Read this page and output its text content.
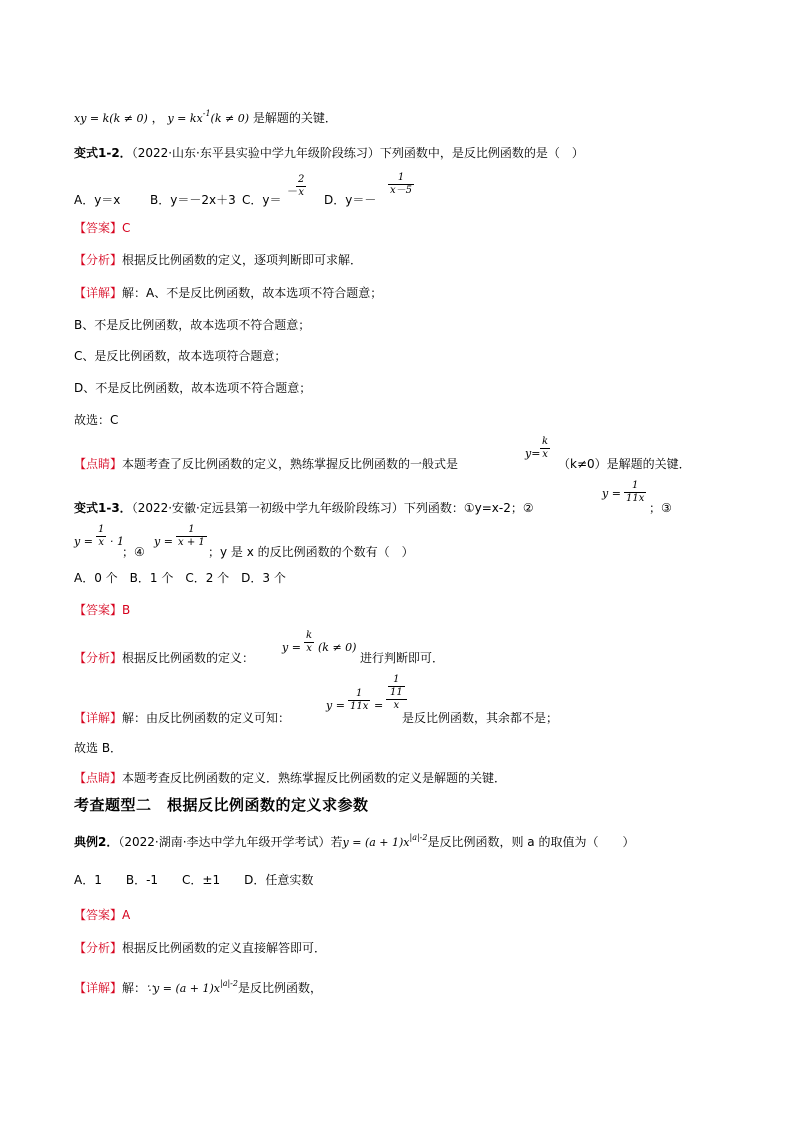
xy = k(k ≠ 0) ， $y = kx^{-1}(k \ne 0)$ 是解题的关键．
变式1-2．（2022·山东·东平县实验中学九年级阶段练习）下列函数中，是反比例函数的是（　）
A．y＝x B．y＝－2x＋3 C．y＝
－ $\frac{2}{x}$
D．y＝－
$\frac{1}{x-5}$
【答案】C
【分析】根据反比例函数的定义，逐项判断即可求解．
【详解】解：A、不是反比例函数，故本选项不符合题意；
B、不是反比例函数，故本选项不符合题意；
C、是反比例函数，故本选项符合题意；
D、不是反比例函数，故本选项不符合题意；
故选：C
【点睛】本题考查了反比例函数的定义，熟练掌握反比例函数的一般式是
$y= \frac{k}{x}$
（k≠0）是解题的关键．
变式1-3．（2022·安徽·定远县第一初级中学九年级阶段练习）下列函数：①y=x-2；②
$y = \frac{1}{11x}$
；③
$y = \frac{1}{x} \cdot 1$
；④
$y = \frac{1}{x + 1}$
；y 是 x 的反比例函数的个数有（　）
A．0 个　B．1 个　C．2 个　D．3 个
【答案】B
【分析】根据反比例函数的定义：
$y = \frac{k}{x} (k \ne 0)$
进行判断即可．
【详解】解：由反比例函数的定义可知：
$y = \frac{1}{11x} = \frac{\frac{1}{11}}{x}$
是反比例函数，其余都不是；
故选 B．
【点睛】本题考查反比例函数的定义．熟练掌握反比例函数的定义是解题的关键．
考查题型二　根据反比例函数的定义求参数
典例2．（2022·湖南·李达中学九年级开学考试）若$y = (a + 1)x^{|a|-2}$是反比例函数，则 a 的取值为（　　）
A．1　　B．-1　　C．±1　　D．任意实数
【答案】A
【分析】根据反比例函数的定义直接解答即可．
【详解】解：∵y = $(a + 1)x^{|a|-2}$是反比例函数，
